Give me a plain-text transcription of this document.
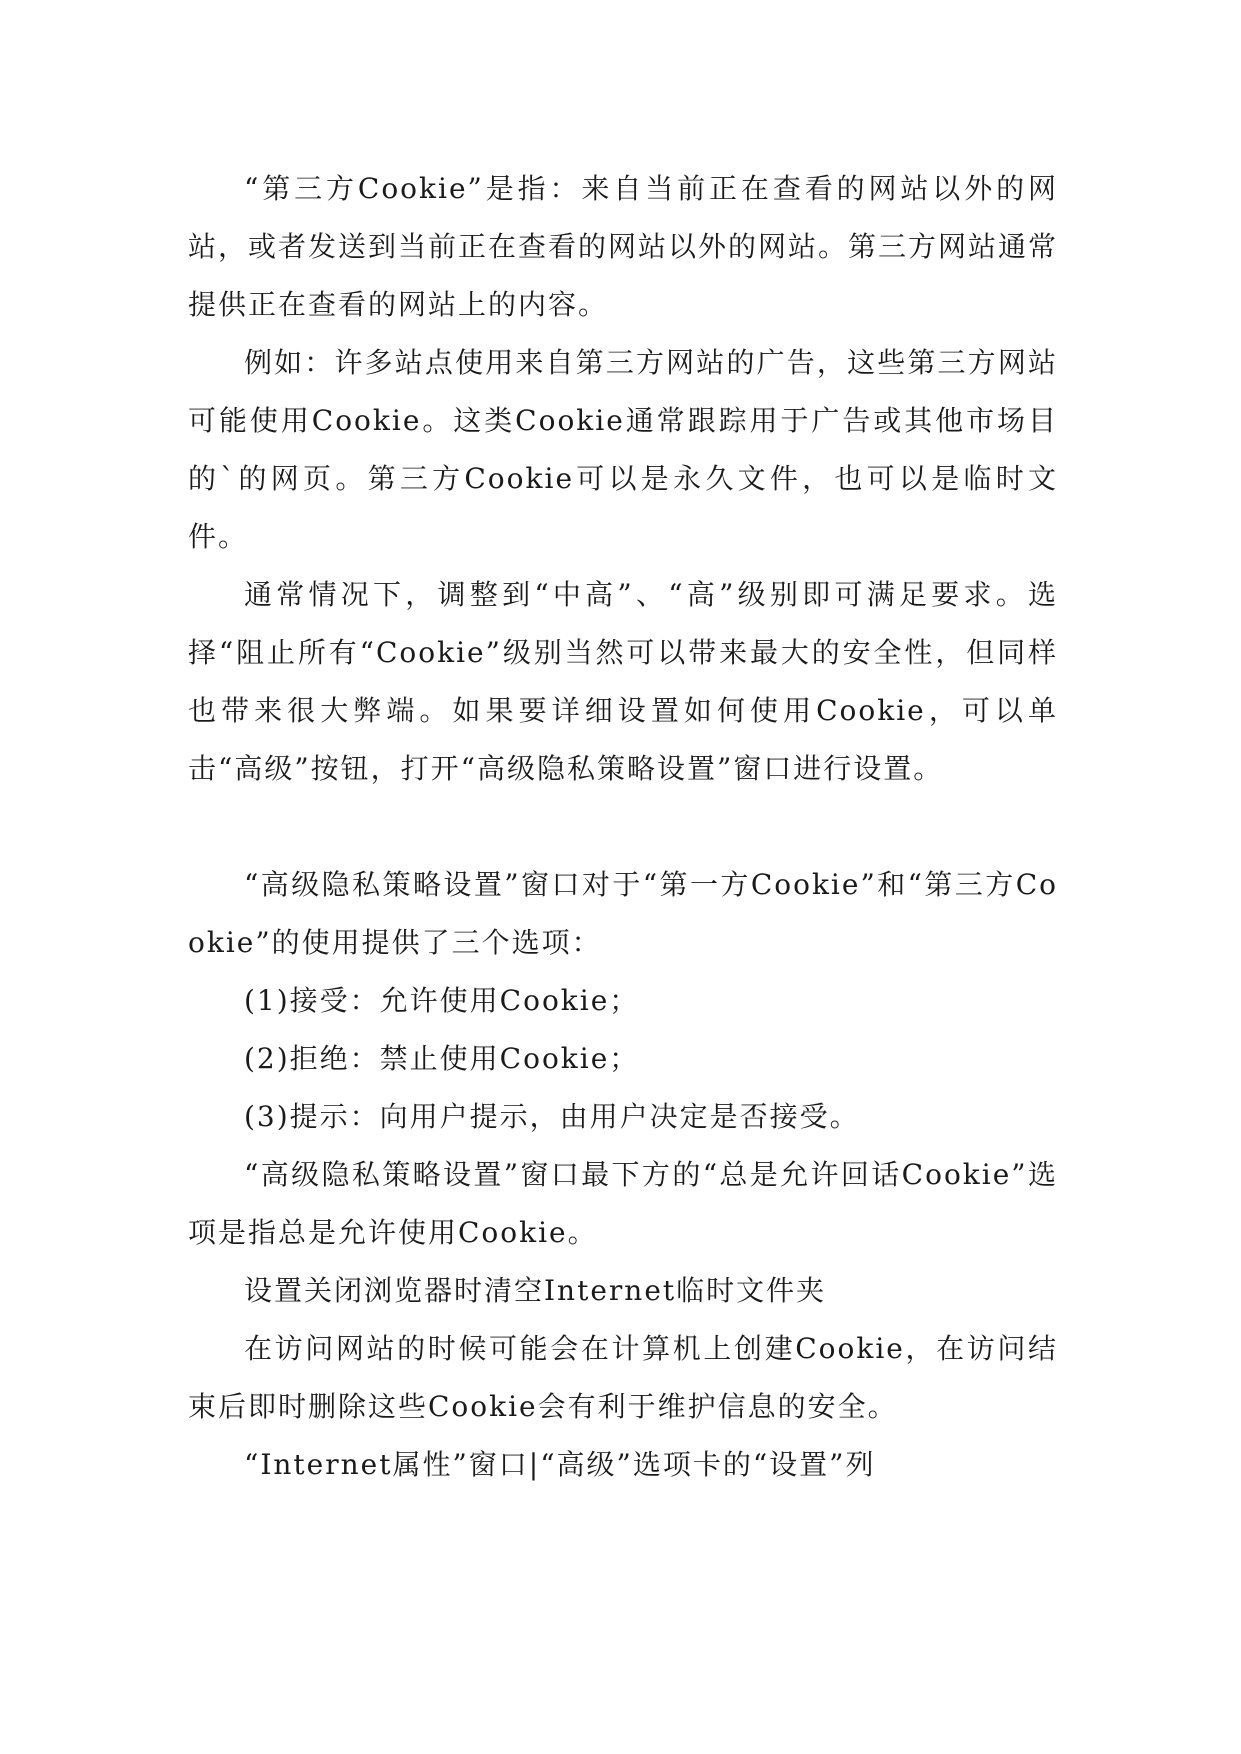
“第三方Cookie”是指：来自当前正在查看的网站以外的网站，或者发送到当前正在查看的网站以外的网站。第三方网站通常提供正在查看的网站上的内容。

例如：许多站点使用来自第三方网站的广告，这些第三方网站可能使用Cookie。这类Cookie通常跟踪用于广告或其他市场目的`的网页。第三方Cookie可以是永久文件，也可以是临时文件。

通常情况下，调整到“中高”、“高”级别即可满足要求。选择“阻止所有“Cookie”级别当然可以带来最大的安全性，但同样也带来很大弊端。如果要详细设置如何使用Cookie，可以单击“高级”按钮，打开“高级隐私策略设置”窗口进行设置。

“高级隐私策略设置”窗口对于“第一方Cookie”和“第三方Cookie”的使用提供了三个选项：

(1)接受：允许使用Cookie；

(2)拒绝：禁止使用Cookie；

(3)提示：向用户提示，由用户决定是否接受。

“高级隐私策略设置”窗口最下方的“总是允许回话Cookie”选项是指总是允许使用Cookie。

设置关闭浏览器时清空Internet临时文件夹

在访问网站的时候可能会在计算机上创建Cookie，在访问结束后即时删除这些Cookie会有利于维护信息的安全。

“Internet属性”窗口|“高级”选项卡的“设置”列
